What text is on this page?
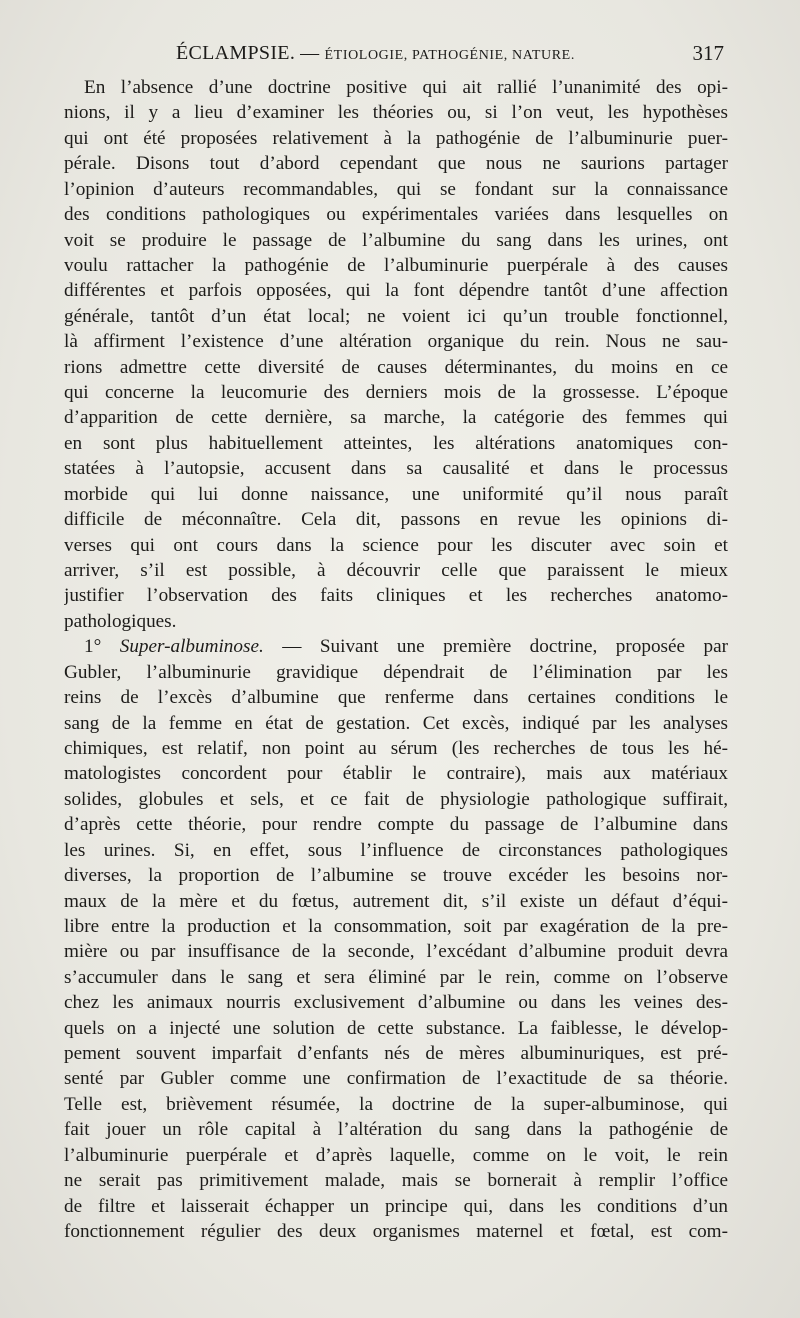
ÉCLAMPSIE. — ÉTIOLOGIE, PATHOGÉNIE, NATURE.	317
En l’absence d’une doctrine positive qui ait rallié l’unanimité des opi-
nions, il y a lieu d’examiner les théories ou, si l’on veut, les hypothèses
qui ont été proposées relativement à la pathogénie de l’albuminurie puer-
pérale. Disons tout d’abord cependant que nous ne saurions partager
l’opinion d’auteurs recommandables, qui se fondant sur la connaissance
des conditions pathologiques ou expérimentales variées dans lesquelles on
voit se produire le passage de l’albumine du sang dans les urines, ont
voulu rattacher la pathogénie de l’albuminurie puerpérale à des causes
différentes et parfois opposées, qui la font dépendre tantôt d’une affection
générale, tantôt d’un état local; ne voient ici qu’un trouble fonctionnel,
là affirment l’existence d’une altération organique du rein. Nous ne sau-
rions admettre cette diversité de causes déterminantes, du moins en ce
qui concerne la leucomurie des derniers mois de la grossesse. L’époque
d’apparition de cette dernière, sa marche, la catégorie des femmes qui
en sont plus habituellement atteintes, les altérations anatomiques con-
statées à l’autopsie, accusent dans sa causalité et dans le processus
morbide qui lui donne naissance, une uniformité qu’il nous paraît
difficile de méconnaître. Cela dit, passons en revue les opinions di-
verses qui ont cours dans la science pour les discuter avec soin et
arriver, s’il est possible, à découvrir celle que paraissent le mieux
justifier l’observation des faits cliniques et les recherches anatomo-
pathologiques.
1° Super-albuminose. — Suivant une première doctrine, proposée par
Gubler, l’albuminurie gravidique dépendrait de l’élimination par les
reins de l’excès d’albumine que renferme dans certaines conditions le
sang de la femme en état de gestation. Cet excès, indiqué par les analyses
chimiques, est relatif, non point au sérum (les recherches de tous les hé-
matologistes concordent pour établir le contraire), mais aux matériaux
solides, globules et sels, et ce fait de physiologie pathologique suffirait,
d’après cette théorie, pour rendre compte du passage de l’albumine dans
les urines. Si, en effet, sous l’influence de circonstances pathologiques
diverses, la proportion de l’albumine se trouve excéder les besoins nor-
maux de la mère et du fœtus, autrement dit, s’il existe un défaut d’équi-
libre entre la production et la consommation, soit par exagération de la pre-
mière ou par insuffisance de la seconde, l’excédant d’albumine produit devra
s’accumuler dans le sang et sera éliminé par le rein, comme on l’observe
chez les animaux nourris exclusivement d’albumine ou dans les veines des-
quels on a injecté une solution de cette substance. La faiblesse, le dévelop-
pement souvent imparfait d’enfants nés de mères albuminuriques, est pré-
senté par Gubler comme une confirmation de l’exactitude de sa théorie.
Telle est, brièvement résumée, la doctrine de la super-albuminose, qui
fait jouer un rôle capital à l’altération du sang dans la pathogénie de
l’albuminurie puerpérale et d’après laquelle, comme on le voit, le rein
ne serait pas primitivement malade, mais se bornerait à remplir l’office
de filtre et laisserait échapper un principe qui, dans les conditions d’un
fonctionnement régulier des deux organismes maternel et fœtal, est com-
